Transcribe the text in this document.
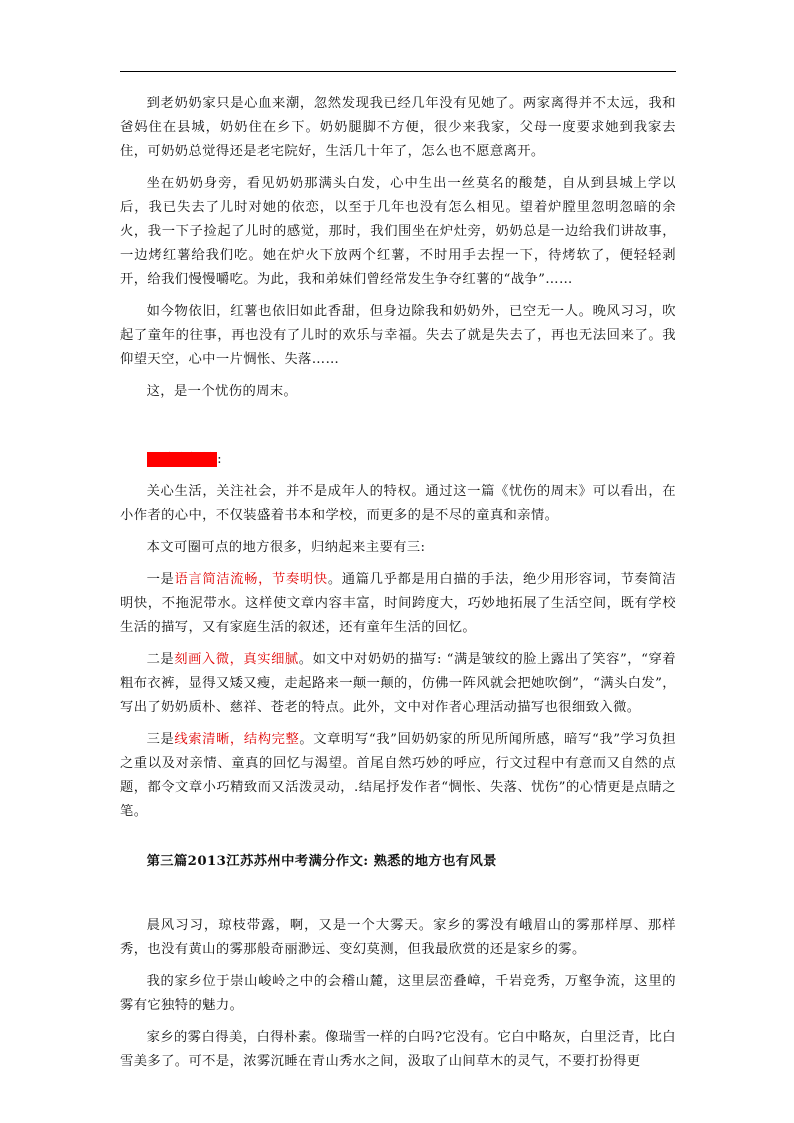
到老奶奶家只是心血来潮，忽然发现我已经几年没有见她了。两家离得并不太远，我和爸妈住在县城，奶奶住在乡下。奶奶腿脚不方便，很少来我家，父母一度要求她到我家去住，可奶奶总觉得还是老宅院好，生活几十年了，怎么也不愿意离开。

坐在奶奶身旁，看见奶奶那满头白发，心中生出一丝莫名的酸楚，自从到县城上学以后，我已失去了儿时对她的依恋，以至于几年也没有怎么相见。望着炉膛里忽明忽暗的余火，我一下子捡起了儿时的感觉，那时，我们围坐在炉灶旁，奶奶总是一边给我们讲故事，一边烤红薯给我们吃。她在炉火下放两个红薯，不时用手去捏一下，待烤软了，便轻轻剥开，给我们慢慢嚼吃。为此，我和弟妹们曾经常发生争夺红薯的“战争”……

如今物依旧，红薯也依旧如此香甜，但身边除我和奶奶外，已空无一人。晚风习习，吹起了童年的往事，再也没有了儿时的欢乐与幸福。失去了就是失去了，再也无法回来了。我仰望天空，心中一片惆怅、失落……

这，是一个忧伤的周末。

得分点解读:

关心生活，关注社会，并不是成年人的特权。通过这一篇《忧伤的周末》可以看出，在小作者的心中，不仅装盛着书本和学校，而更多的是不尽的童真和亲情。

本文可圈可点的地方很多，归纳起来主要有三:

一是语言简洁流畅，节奏明快。通篇几乎都是用白描的手法，绝少用形容词，节奏简洁明快，不拖泥带水。这样使文章内容丰富，时间跨度大，巧妙地拓展了生活空间，既有学校生活的描写，又有家庭生活的叙述，还有童年生活的回忆。

二是刻画入微，真实细腻。如文中对奶奶的描写: “满是皱纹的脸上露出了笑容”，“穿着粗布衣裤，显得又矮又瘦，走起路来一颠一颠的，仿佛一阵风就会把她吹倒”，“满头白发”，写出了奶奶质朴、慈祥、苍老的特点。此外，文中对作者心理活动描写也很细致入微。

三是线索清晰，结构完整。文章明写“我”回奶奶家的所见所闻所感，暗写“我”学习负担之重以及对亲情、童真的回忆与渴望。首尾自然巧妙的呼应，行文过程中有意而又自然的点题，都令文章小巧精致而又活泼灵动，.结尾抒发作者“惆怅、失落、忧伤”的心情更是点睛之笔。

第三篇2013江苏苏州中考满分作文: 熟悉的地方也有风景

晨风习习，琼枝带露，啊，又是一个大雾天。家乡的雾没有峨眉山的雾那样厚、那样秀，也没有黄山的雾那般奇丽渺远、变幻莫测，但我最欣赏的还是家乡的雾。

我的家乡位于崇山峻岭之中的会稽山麓，这里层峦叠嶂，千岩竞秀，万壑争流，这里的雾有它独特的魅力。

家乡的雾白得美，白得朴素。像瑞雪一样的白吗?它没有。它白中略灰，白里泛青，比白雪美多了。可不是，浓雾沉睡在青山秀水之间，汲取了山间草木的灵气，不要打扮得更
